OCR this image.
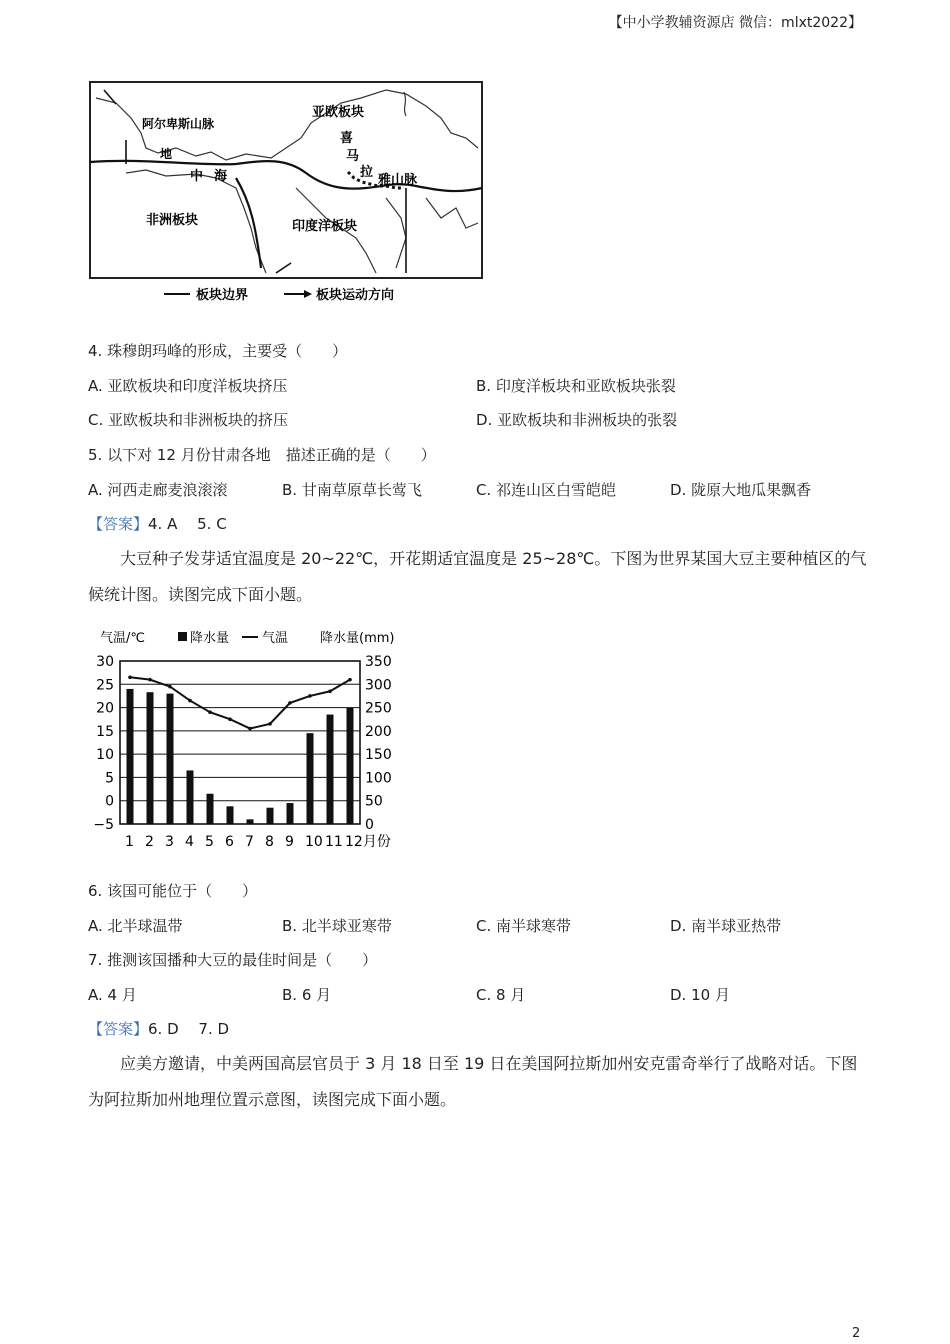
【中小学教辅资源店 微信：mlxt2022】
亚欧板块
阿尔卑斯山脉
地
中 海
喜
马
拉
雅山脉
非洲板块	印度洋板块
板块边界	板块运动方向
4. 珠穆朗玛峰的形成，主要受（　　）
A. 亚欧板块和印度洋板块挤压	B. 印度洋板块和亚欧板块张裂
C. 亚欧板块和非洲板块的挤压	D. 亚欧板块和非洲板块的张裂
5. 以下对 12 月份甘肃各地　描述正确的是（　　）
A. 河西走廊麦浪滚滚	B. 甘南草原草长莺飞	C. 祁连山区白雪皑皑	D. 陇原大地瓜果飘香
【答案】4. A　 5. C
大豆种子发芽适宜温度是 20~22℃，开花期适宜温度是 25~28℃。下图为世界某国大豆主要种植区的气候统计图。读图完成下面小题。
气温/℃	降水量	气温 降水量(mm)
30
25
20
15
10
5
0
−5
350
300
250
200
150
100
50
0
1 2 3 4 5 6 7 8 9 10 11 12月份
6. 该国可能位于（　　）
A. 北半球温带	B. 北半球亚寒带	C. 南半球寒带	D. 南半球亚热带
7. 推测该国播种大豆的最佳时间是（　　）
A. 4 月	B. 6 月	C. 8 月	D. 10 月
【答案】6. D　 7. D
应美方邀请，中美两国高层官员于 3 月 18 日至 19 日在美国阿拉斯加州安克雷奇举行了战略对话。下图为阿拉斯加州地理位置示意图，读图完成下面小题。
2
